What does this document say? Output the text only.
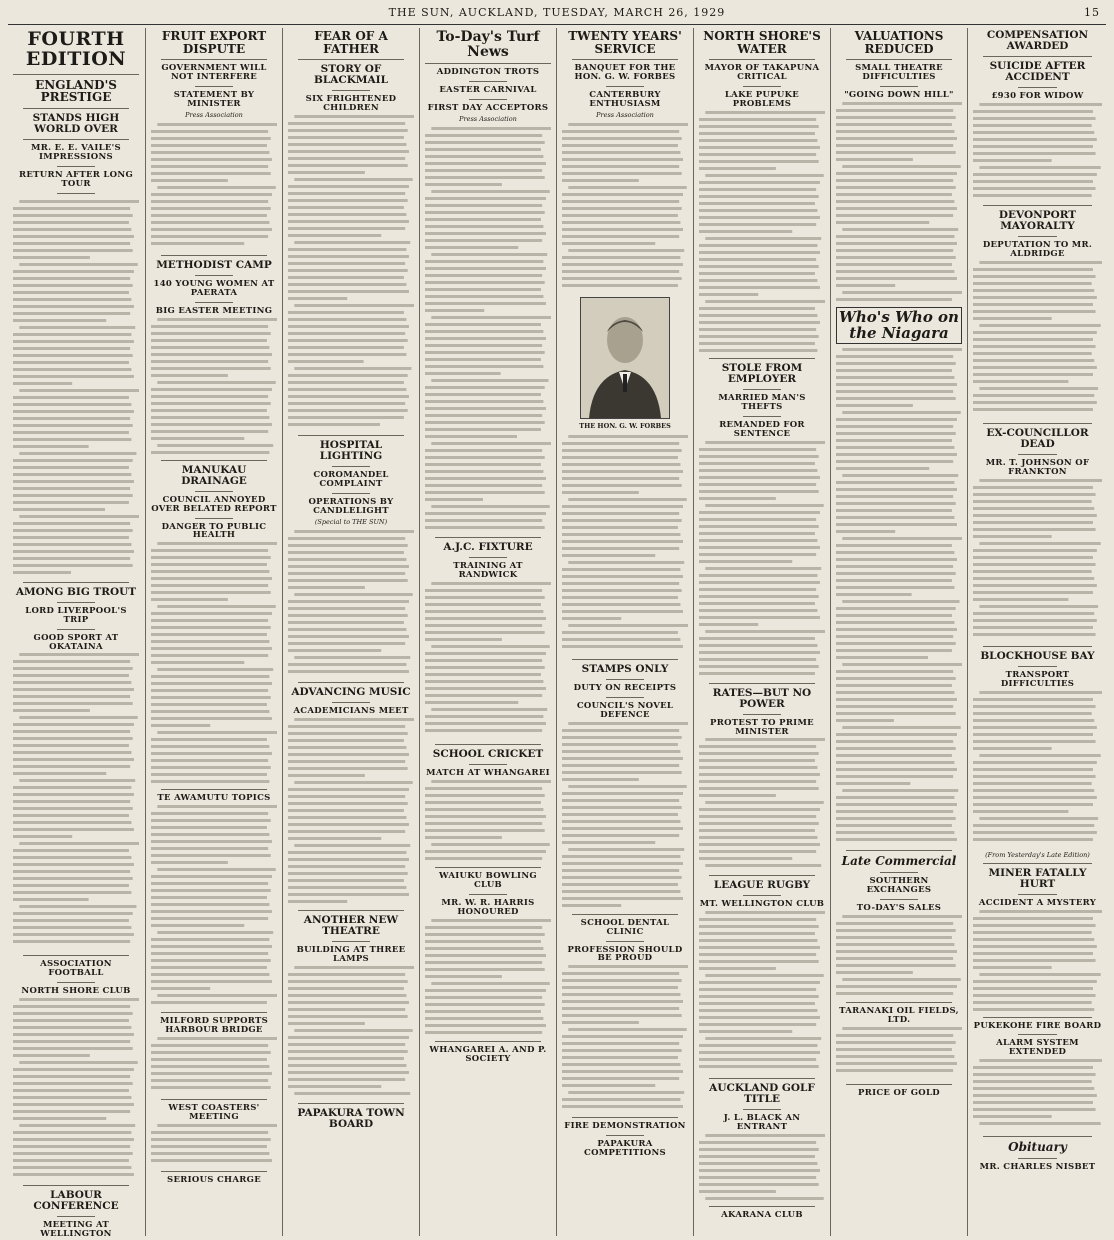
THE SUN, AUCKLAND, TUESDAY, MARCH 26, 1929	15
FOURTH EDITION
ENGLAND'S PRESTIGE
STANDS HIGH WORLD OVER
MR. E. E. VAILE'S IMPRESSIONS
RETURN AFTER LONG TOUR
AMONG BIG TROUT
LORD LIVERPOOL'S TRIP
GOOD SPORT AT OKATAINA
ASSOCIATION FOOTBALL
NORTH SHORE CLUB
LABOUR CONFERENCE
MEETING AT WELLINGTON
FRUIT EXPORT DISPUTE
GOVERNMENT WILL NOT INTERFERE
STATEMENT BY MINISTER
Press Association
METHODIST CAMP
140 YOUNG WOMEN AT PAERATA
BIG EASTER MEETING
MANUKAU DRAINAGE
COUNCIL ANNOYED OVER BELATED REPORT
DANGER TO PUBLIC HEALTH
TE AWAMUTU TOPICS
MILFORD SUPPORTS HARBOUR BRIDGE
WEST COASTERS' MEETING
SERIOUS CHARGE
FEAR OF A FATHER
STORY OF BLACKMAIL
SIX FRIGHTENED CHILDREN
HOSPITAL LIGHTING
COROMANDEL COMPLAINT
OPERATIONS BY CANDLELIGHT
(Special to THE SUN)
ADVANCING MUSIC
ACADEMICIANS MEET
ANOTHER NEW THEATRE
BUILDING AT THREE LAMPS
PAPAKURA TOWN BOARD
To-Day's Turf News
ADDINGTON TROTS
EASTER CARNIVAL
FIRST DAY ACCEPTORS
Press Association
A.J.C. FIXTURE
TRAINING AT RANDWICK
SCHOOL CRICKET
MATCH AT WHANGAREI
WAIUKU BOWLING CLUB
MR. W. R. HARRIS HONOURED
WHANGAREI A. AND P. SOCIETY
TWENTY YEARS' SERVICE
BANQUET FOR THE HON. G. W. FORBES
CANTERBURY ENTHUSIASM
Press Association
THE HON. G. W. FORBES
STAMPS ONLY
DUTY ON RECEIPTS
COUNCIL'S NOVEL DEFENCE
SCHOOL DENTAL CLINIC
PROFESSION SHOULD BE PROUD
FIRE DEMONSTRATION
PAPAKURA COMPETITIONS
NORTH SHORE'S WATER
MAYOR OF TAKAPUNA CRITICAL
LAKE PUPUKE PROBLEMS
STOLE FROM EMPLOYER
MARRIED MAN'S THEFTS
REMANDED FOR SENTENCE
RATES—BUT NO POWER
PROTEST TO PRIME MINISTER
LEAGUE RUGBY
MT. WELLINGTON CLUB
AUCKLAND GOLF TITLE
J. L. BLACK AN ENTRANT
AKARANA CLUB
VALUATIONS REDUCED
SMALL THEATRE DIFFICULTIES
"GOING DOWN HILL"
Who's Who on the Niagara
Late Commercial
SOUTHERN EXCHANGES
TO-DAY'S SALES
TARANAKI OIL FIELDS, LTD.
PRICE OF GOLD
COMPENSATION AWARDED
SUICIDE AFTER ACCIDENT
£930 FOR WIDOW
DEVONPORT MAYORALTY
DEPUTATION TO MR. ALDRIDGE
EX-COUNCILLOR DEAD
MR. T. JOHNSON OF FRANKTON
BLOCKHOUSE BAY
TRANSPORT DIFFICULTIES
(From Yesterday's Late Edition)
MINER FATALLY HURT
ACCIDENT A MYSTERY
PUKEKOHE FIRE BOARD
ALARM SYSTEM EXTENDED
Obituary
MR. CHARLES NISBET
